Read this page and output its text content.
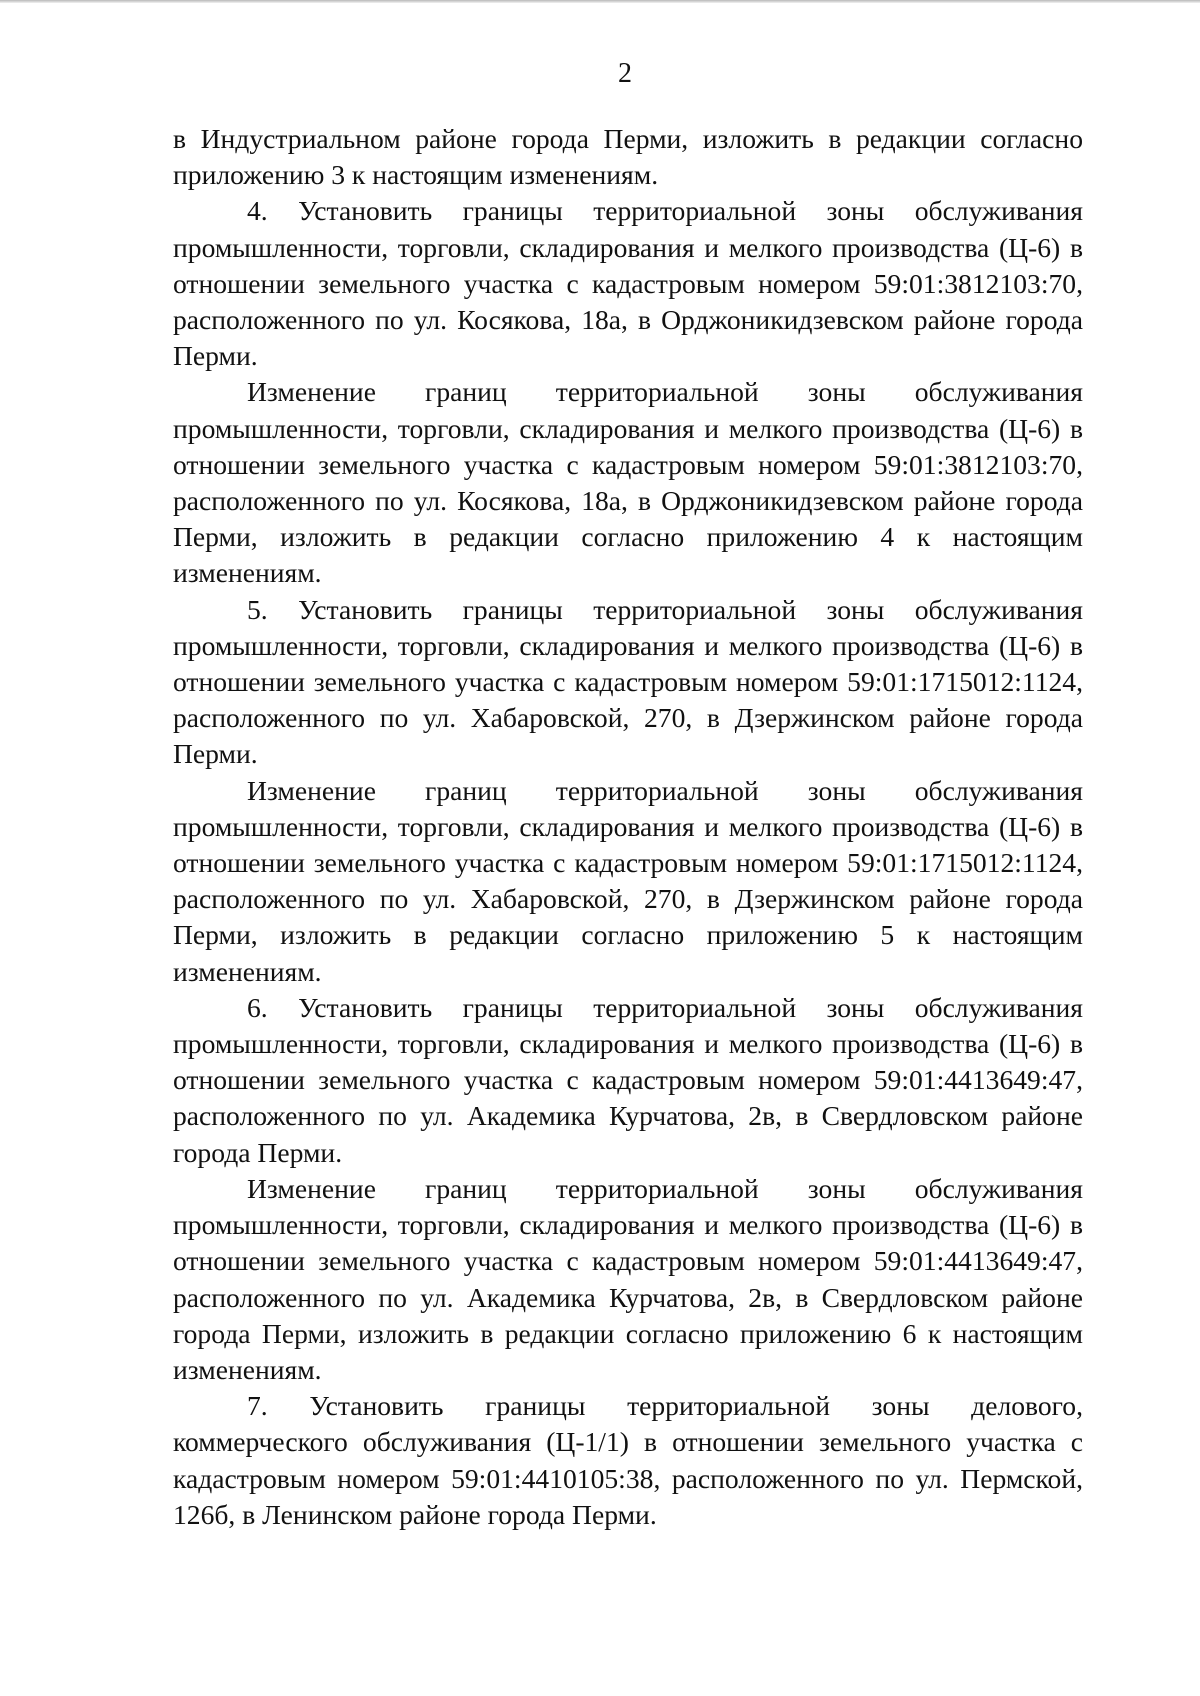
2

в Индустриальном районе города Перми, изложить в редакции согласно приложению 3 к настоящим изменениям.

4. Установить границы территориальной зоны обслуживания промышленности, торговли, складирования и мелкого производства (Ц-6) в отношении земельного участка с кадастровым номером 59:01:3812103:70, расположенного по ул. Косякова, 18а, в Орджоникидзевском районе города Перми.

Изменение границ территориальной зоны обслуживания промышленности, торговли, складирования и мелкого производства (Ц-6) в отношении земельного участка с кадастровым номером 59:01:3812103:70, расположенного по ул. Косякова, 18а, в Орджоникидзевском районе города Перми, изложить в редакции согласно приложению 4 к настоящим изменениям.

5. Установить границы территориальной зоны обслуживания промышленности, торговли, складирования и мелкого производства (Ц-6) в отношении земельного участка с кадастровым номером 59:01:1715012:1124, расположенного по ул. Хабаровской, 270, в Дзержинском районе города Перми.

Изменение границ территориальной зоны обслуживания промышленности, торговли, складирования и мелкого производства (Ц-6) в отношении земельного участка с кадастровым номером 59:01:1715012:1124, расположенного по ул. Хабаровской, 270, в Дзержинском районе города Перми, изложить в редакции согласно приложению 5 к настоящим изменениям.

6. Установить границы территориальной зоны обслуживания промышленности, торговли, складирования и мелкого производства (Ц-6) в отношении земельного участка с кадастровым номером 59:01:4413649:47, расположенного по ул. Академика Курчатова, 2в, в Свердловском районе города Перми.

Изменение границ территориальной зоны обслуживания промышленности, торговли, складирования и мелкого производства (Ц-6) в отношении земельного участка с кадастровым номером 59:01:4413649:47, расположенного по ул. Академика Курчатова, 2в, в Свердловском районе города Перми, изложить в редакции согласно приложению 6 к настоящим изменениям.

7. Установить границы территориальной зоны делового, коммерческого обслуживания (Ц-1/1) в отношении земельного участка с кадастровым номером 59:01:4410105:38, расположенного по ул. Пермской, 126б, в Ленинском районе города Перми.
